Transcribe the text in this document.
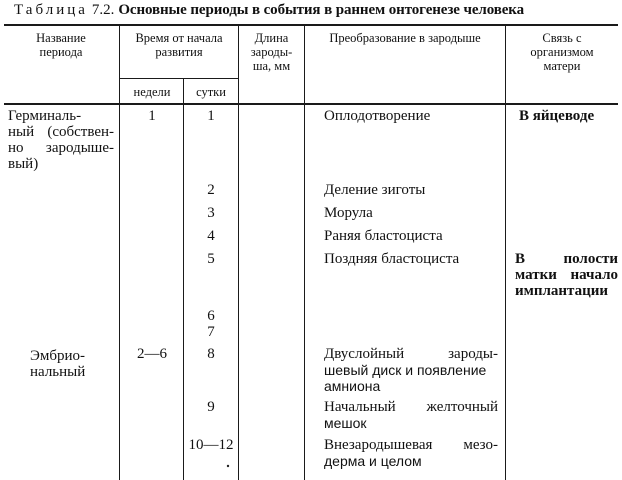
Таблица 7.2. Основные периоды в события в раннем онтогенезе человека
Название
периода
Время от начала
развития
недели	сутки
Длина
зароды-
ша, мм
Преобразование в зародыше	Связь с
организмом
матери
Герминаль-
ный (собствен-
но зародыше-
вый)
Эмбрио-
нальный
1
2—6
1
2
3
4
5
6
7
8
9
10—12
Оплодотворение
Деление зиготы
Морула
Раняя бластоциста
Поздняя бластоциста
Двуслойный зароды-
шевый диск и появление
амниона
Начальный желточный
мешок
Внезародышевая мезо-
дерма и целом
В яйцеводе
В полости
матки начало
имплантации
